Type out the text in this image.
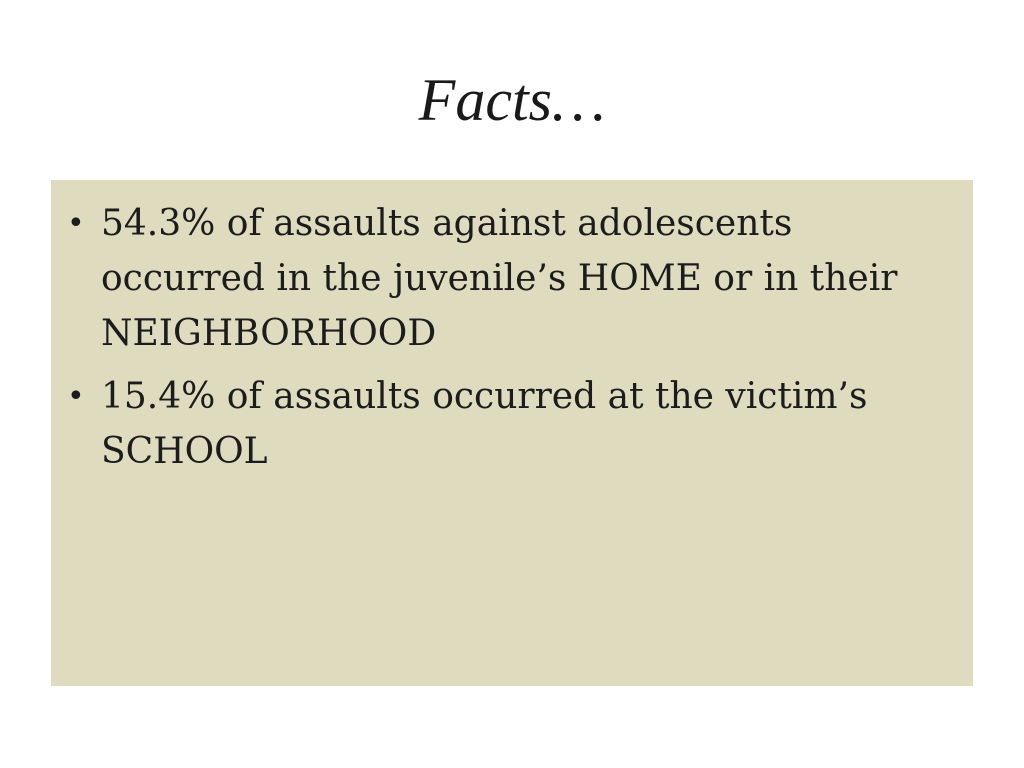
Facts…
• 54.3% of assaults against adolescents occurred in the juvenile’s HOME or in their NEIGHBORHOOD
• 15.4% of assaults occurred at the victim’s SCHOOL
